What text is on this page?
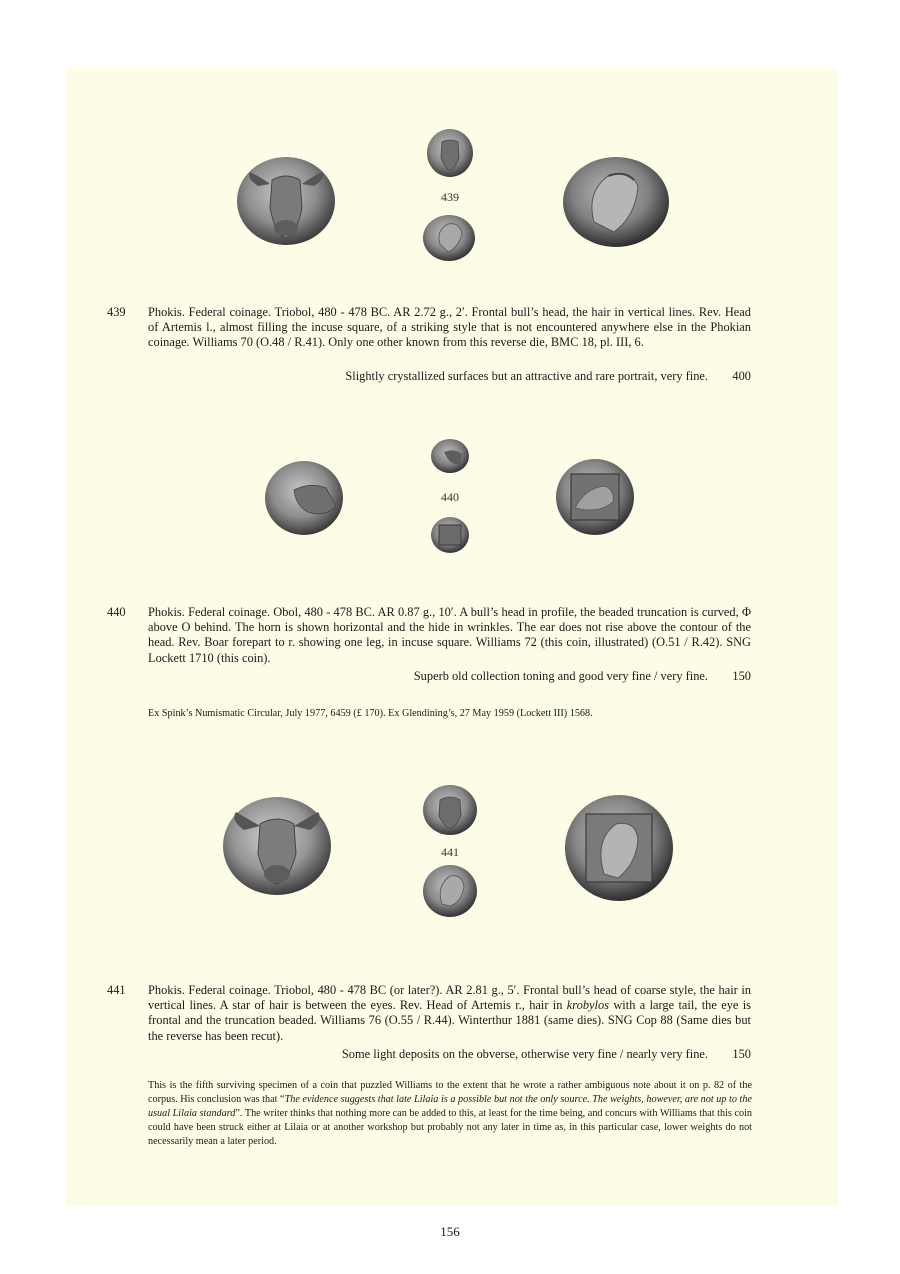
439
439	Phokis. Federal coinage. Triobol, 480 - 478 BC. AR 2.72 g., 2′. Frontal bull’s head, the hair in vertical lines. Rev. Head of Artemis l., almost filling the incuse square, of a striking style that is not encountered anywhere else in the Phokian coinage. Williams 70 (O.48 / R.41). Only one other known from this reverse die, BMC 18, pl. III, 6.
Slightly crystallized surfaces but an attractive and rare portrait, very fine.	400
440
440	Phokis. Federal coinage. Obol, 480 - 478 BC. AR 0.87 g., 10′. A bull’s head in profile, the beaded truncation is curved, Φ above O behind. The horn is shown horizontal and the hide in wrinkles. The ear does not rise above the contour of the head. Rev. Boar forepart to r. showing one leg, in incuse square. Williams 72 (this coin, illustrated) (O.51 / R.42). SNG Lockett 1710 (this coin).
Superb old collection toning and good very fine / very fine.	150
Ex Spink’s Numismatic Circular, July 1977, 6459 (£ 170). Ex Glendining’s, 27 May 1959 (Lockett III) 1568.
441
441	Phokis. Federal coinage. Triobol, 480 - 478 BC (or later?). AR 2.81 g., 5′. Frontal bull’s head of coarse style, the hair in vertical lines. A star of hair is between the eyes. Rev. Head of Artemis r., hair in krobylos with a large tail, the eye is frontal and the truncation beaded. Williams 76 (O.55 / R.44). Winterthur 1881 (same dies). SNG Cop 88 (Same dies but the reverse has been recut).
Some light deposits on the obverse, otherwise very fine / nearly very fine.	150
This is the fifth surviving specimen of a coin that puzzled Williams to the extent that he wrote a rather ambiguous note about it on p. 82 of the corpus. His conclusion was that “The evidence suggests that late Lilaia is a possible but not the only source. The weights, however, are not up to the usual Lilaia standard”. The writer thinks that nothing more can be added to this, at least for the time being, and concurs with Williams that this coin could have been struck either at Lilaia or at another workshop but probably not any later in time as, in this particular case, lower weights do not necessarily mean a later period.
156
